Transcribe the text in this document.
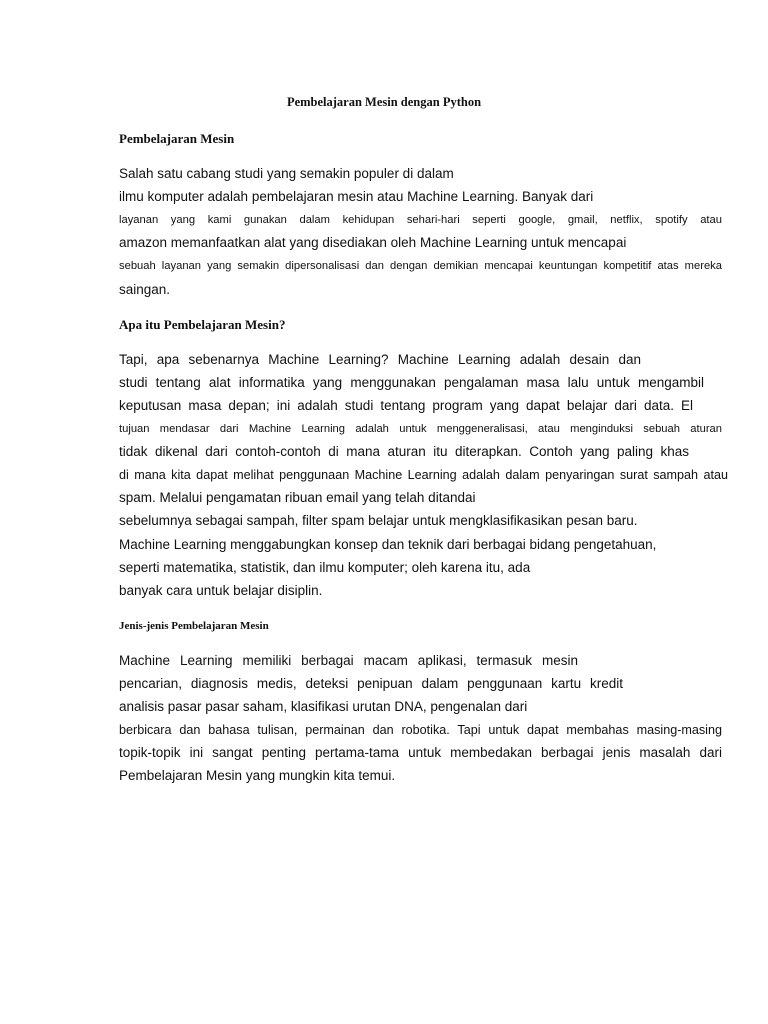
Pembelajaran Mesin dengan Python
Pembelajaran Mesin
Salah satu cabang studi yang semakin populer di dalam
ilmu komputer adalah pembelajaran mesin atau Machine Learning. Banyak dari
layanan yang kami gunakan dalam kehidupan sehari-hari seperti google, gmail, netflix, spotify atau
amazon memanfaatkan alat yang disediakan oleh Machine Learning untuk mencapai
sebuah layanan yang semakin dipersonalisasi dan dengan demikian mencapai keuntungan kompetitif atas mereka
saingan.
Apa itu Pembelajaran Mesin?
Tapi, apa sebenarnya Machine Learning? Machine Learning adalah desain dan
studi tentang alat informatika yang menggunakan pengalaman masa lalu untuk mengambil
keputusan masa depan; ini adalah studi tentang program yang dapat belajar dari data. El
tujuan mendasar dari Machine Learning adalah untuk menggeneralisasi, atau menginduksi sebuah aturan
tidak dikenal dari contoh-contoh di mana aturan itu diterapkan. Contoh yang paling khas
di mana kita dapat melihat penggunaan Machine Learning adalah dalam penyaringan surat sampah atau
spam. Melalui pengamatan ribuan email yang telah ditandai
sebelumnya sebagai sampah, filter spam belajar untuk mengklasifikasikan pesan baru.
Machine Learning menggabungkan konsep dan teknik dari berbagai bidang pengetahuan,
seperti matematika, statistik, dan ilmu komputer; oleh karena itu, ada
banyak cara untuk belajar disiplin.
Jenis-jenis Pembelajaran Mesin
Machine Learning memiliki berbagai macam aplikasi, termasuk mesin
pencarian, diagnosis medis, deteksi penipuan dalam penggunaan kartu kredit
analisis pasar pasar saham, klasifikasi urutan DNA, pengenalan dari
berbicara dan bahasa tulisan, permainan dan robotika. Tapi untuk dapat membahas masing-masing
topik-topik ini sangat penting pertama-tama untuk membedakan berbagai jenis masalah dari
Pembelajaran Mesin yang mungkin kita temui.
